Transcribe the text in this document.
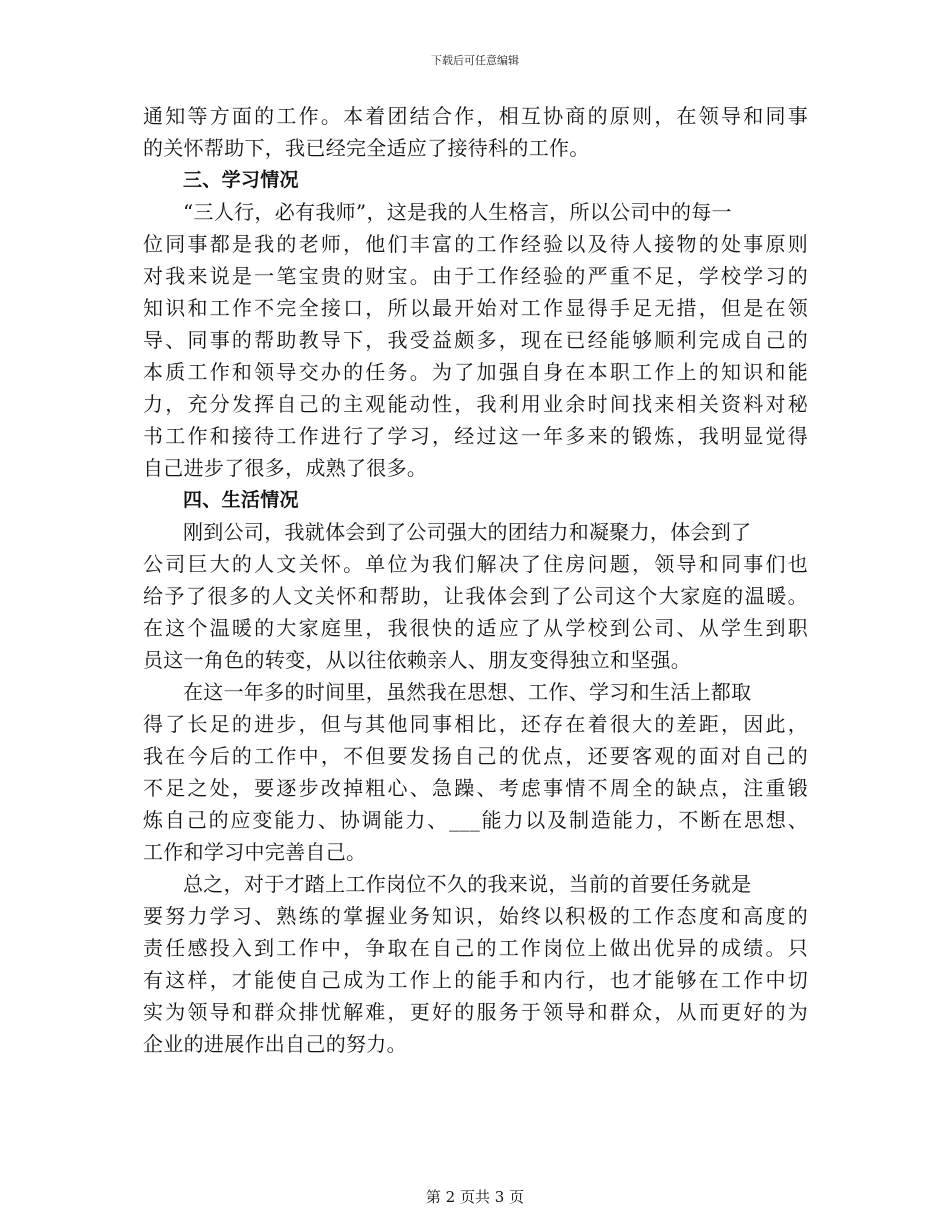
下载后可任意编辑
通知等方面的工作。本着团结合作，相互协商的原则，在领导和同事
的关怀帮助下，我已经完全适应了接待科的工作。
三、学习情况
“三人行，必有我师”，这是我的人生格言，所以公司中的每一
位同事都是我的老师，他们丰富的工作经验以及待人接物的处事原则
对我来说是一笔宝贵的财宝。由于工作经验的严重不足，学校学习的
知识和工作不完全接口，所以最开始对工作显得手足无措，但是在领
导、同事的帮助教导下，我受益颇多，现在已经能够顺利完成自己的
本质工作和领导交办的任务。为了加强自身在本职工作上的知识和能
力，充分发挥自己的主观能动性，我利用业余时间找来相关资料对秘
书工作和接待工作进行了学习，经过这一年多来的锻炼，我明显觉得
自己进步了很多，成熟了很多。
四、生活情况
刚到公司，我就体会到了公司强大的团结力和凝聚力，体会到了
公司巨大的人文关怀。单位为我们解决了住房问题，领导和同事们也
给予了很多的人文关怀和帮助，让我体会到了公司这个大家庭的温暖。
在这个温暖的大家庭里，我很快的适应了从学校到公司、从学生到职
员这一角色的转变，从以往依赖亲人、朋友变得独立和坚强。
在这一年多的时间里，虽然我在思想、工作、学习和生活上都取
得了长足的进步，但与其他同事相比，还存在着很大的差距，因此，
我在今后的工作中，不但要发扬自己的优点，还要客观的面对自己的
不足之处，要逐步改掉粗心、急躁、考虑事情不周全的缺点，注重锻
炼自己的应变能力、协调能力、___能力以及制造能力，不断在思想、
工作和学习中完善自己。
总之，对于才踏上工作岗位不久的我来说，当前的首要任务就是
要努力学习、熟练的掌握业务知识，始终以积极的工作态度和高度的
责任感投入到工作中，争取在自己的工作岗位上做出优异的成绩。只
有这样，才能使自己成为工作上的能手和内行，也才能够在工作中切
实为领导和群众排忧解难，更好的服务于领导和群众，从而更好的为
企业的进展作出自己的努力。
第 2 页共 3 页
